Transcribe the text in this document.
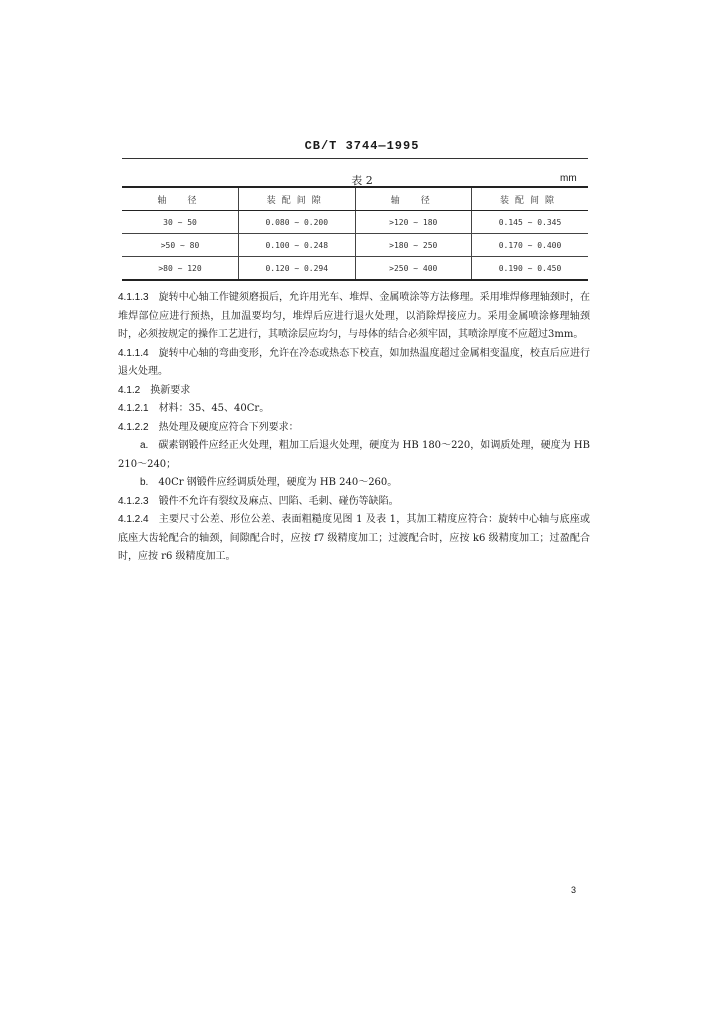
CB/T 3744—1995
表 2	mm
轴　径	装配间隙	轴　径	装配间隙
30 ~ 50	0.080 ~ 0.200	>120 ~ 180	0.145 ~ 0.345
>50 ~ 80	0.100 ~ 0.248	>180 ~ 250	0.170 ~ 0.400
>80 ~ 120	0.120 ~ 0.294	>250 ~ 400	0.190 ~ 0.450

4.1.1.3 旋转中心轴工作键须磨损后，允许用光车、堆焊、金属喷涂等方法修理。采用堆焊修理轴颈时，在堆焊部位应进行预热，且加温要均匀，堆焊后应进行退火处理，以消除焊接应力。采用金属喷涂修理轴颈时，必须按规定的操作工艺进行，其喷涂层应均匀，与母体的结合必须牢固，其喷涂厚度不应超过3mm。

4.1.1.4 旋转中心轴的弯曲变形，允许在冷态或热态下校直，如加热温度超过金属相变温度，校直后应进行退火处理。

4.1.2 换新要求

4.1.2.1 材料：35、45、40Cr。

4.1.2.2 热处理及硬度应符合下列要求：

a. 碳素钢锻件应经正火处理，粗加工后退火处理，硬度为 HB 180～220，如调质处理，硬度为 HB 210～240；

b. 40Cr 钢锻件应经调质处理，硬度为 HB 240～260。

4.1.2.3 锻件不允许有裂纹及麻点、凹陷、毛刺、碰伤等缺陷。

4.1.2.4 主要尺寸公差、形位公差、表面粗糙度见图 1 及表 1，其加工精度应符合：旋转中心轴与底座或底座大齿轮配合的轴颈，间隙配合时，应按 f7 级精度加工；过渡配合时，应按 k6 级精度加工；过盈配合时，应按 r6 级精度加工。

3
